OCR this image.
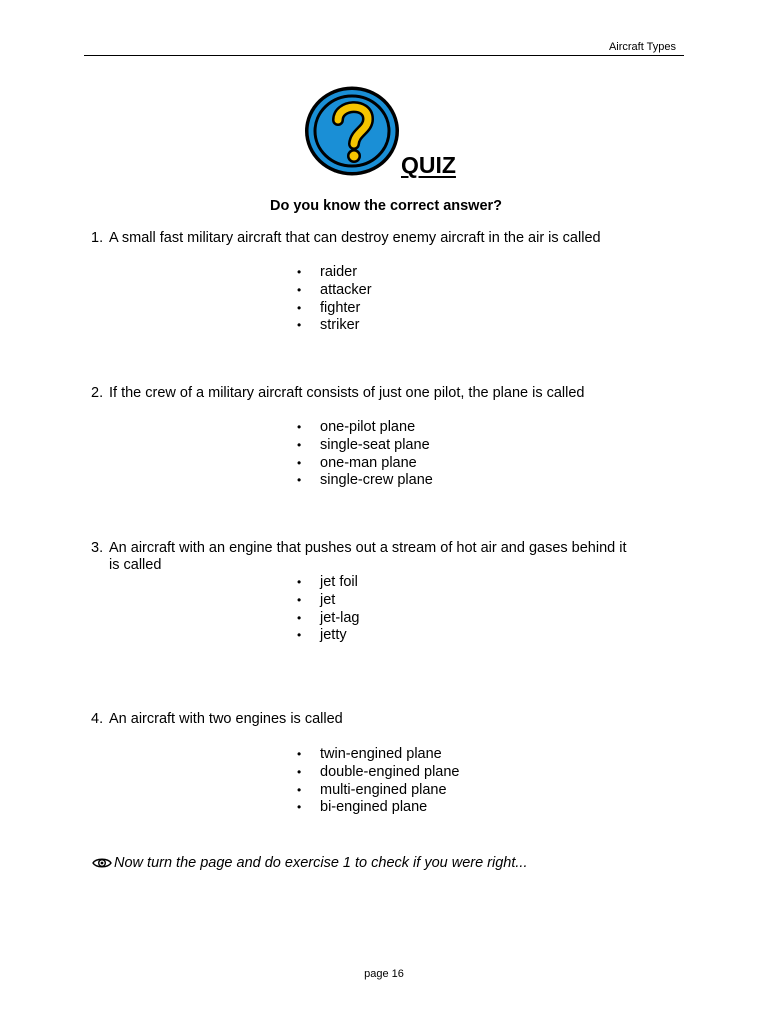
Aircraft Types
QUIZ
Do you know the correct answer?
1. A small fast military aircraft that can destroy enemy aircraft in the air is called
• raider
• attacker
• fighter
• striker
2. If the crew of a military aircraft consists of just one pilot, the plane is called
• one-pilot plane
• single-seat plane
• one-man plane
• single-crew plane
3. An aircraft with an engine that pushes out a stream of hot air and gases behind it
is called
• jet foil
• jet
• jet-lag
• jetty
4. An aircraft with two engines is called
• twin-engined plane
• double-engined plane
• multi-engined plane
• bi-engined plane
Now turn the page and do exercise 1 to check if you were right...
page 16
